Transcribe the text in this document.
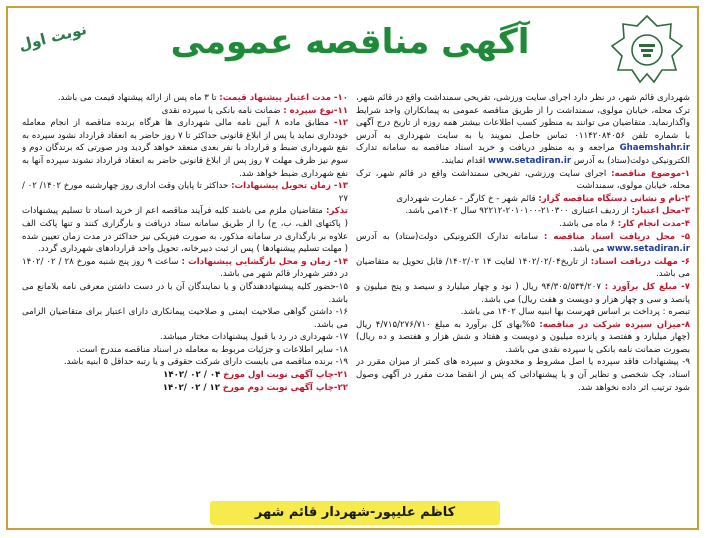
نوبت اول	آگهی مناقصه عمومی

شهرداری قائم شهر، در نظر دارد اجرای سایت ورزشی، تفریحی سمنداشت واقع در قائم شهر، ترک محله، خیابان مولوی، سمنداشت را از طریق مناقصه عمومی به پیمانکاران واجد شرایط واگذارنماید. متقاضیان می توانند به منظور کسب اطلاعات بیشتر همه روزه از تاریخ درج آگهی با شماره تلفن ۰۱۱۴۲۰۸۴۰۵۶ تماس حاصل نمویند یا به سایت شهرداری به آدرس Ghaemshahr.ir مراجعه و به منظور دریافت و خرید اسناد مناقصه به سامانه تدارک الکترونیکی دولت(ستاد) به آدرس www.setadiran.ir اقدام نمایند.

۱-موضوع مناقصه: اجرای سایت ورزشی، تفریحی سمنداشت واقع در قائم شهر، ترک محله، خیابان مولوی، سمنداشت

۲-نام و نشانی دستگاه مناقصه گزار: قائم شهر - خ کارگر - عمارت شهرداری

۳-محل اعتبار: از ردیف اعتباری ۲۱۰۳۰۰-۲۰۱۰۱۰۰-۹۲۲۱۲ سال ۱۴۰۲می باشد.

۴-مدت انجام کار: ۶ ماه می باشد.

۵- محل دریافت اسناد مناقصه : سامانه تدارک الکترونیکی دولت(ستاد) به آدرس www.setadiran.ir می باشد.

۶- مهلت دریافت اسناد: از تاریخ۱۴۰۲/۰۲/۰۴ لغایت ۱۴ ۱۴۰۲/۰۲/ قابل تحویل به متقاضیان می باشد.

۷- مبلغ کل برآورد : ۹۴/۳۰۵/۵۳۴/۲۰۷ ریال ( نود و چهار میلیارد و سیصد و پنج میلیون و پانصد و سی و چهار هزار و دویست و هفت ریال) می باشد.

تبصره : پرداخت بر اساس فهرست بها ابنیه سال ۱۴۰۲ می باشد.

۸-میزان سپرده شرکت در مناقصه: ۵%بهای کل برآورد به مبلغ ۴/۷۱۵/۲۷۶/۷۱۰ ریال (چهار میلیارد و هفتصد و پانزده میلیون و دویست و هفتاد و شش هزار و هفتصد و ده ریال) بصورت ضمانت نامه بانکی یا سپرده نقدی می باشد.

۹- پیشنهادات فاقد سپرده یا اصل مشروط و مخدوش و سپرده های کمتر از میزان مقرر در اسناد، چک شخصی و نظایر آن و یا پیشنهاداتی که پس از انقضا مدت مقرر در آگهی وصول شود ترتیب اثر داده نخواهد شد.

۱۰- مدت اعتبار پیشنهاد قیمت: تا ۳ ماه پس از ارائه پیشنهاد قیمت می باشد.

۱۱-نوع سپرده : ضمانت نامه بانکی یا سپرده نقدی

۱۲- مطابق ماده ۸ آیین نامه مالی شهرداری ها هرگاه برنده مناقصه از انجام معامله خودداری نماید یا پس از ابلاغ قانونی حداکثر تا ۷ روز حاضر به انعقاد قرارداد نشود سپرده به نفع شهرداری ضبط و قرارداد با نفر بعدی منعقد خواهد گردید ودر صورتی که برندگان دوم و سوم نیز ظرف مهلت ۷ روز پس از ابلاغ قانونی حاضر به انعقاد قرارداد نشوند سپرده آنها به نفع شهرداری ضبط خواهد شد.

۱۳- زمان تحویل پیشنهادات: حداکثر تا پایان وقت اداری روز چهارشنبه مورخ ۱۴۰۲/ ۰۲ /۲۷

تذکر: متقاضیان ملزم می باشند کلیه فرآیند مناقصه اعم از خرید اسناد تا تسلیم پیشنهادات ( پاکتهای الف، ب، ج) را از طریق سامانه ستاد دریافت و بارگزاری کنند و تنها پاکت الف علاوه بر بارگذاری در سامانه مذکور، به صورت فیزیکی نیز حداکثر در مدت زمان تعیین شده ( مهلت تسلیم پیشنهادها ) پس از ثبت دبیرخانه، تحویل واحد قراردادهای شهرداری گردد.

۱۴- زمان و محل بازگشایی پیشنهادات : ساعت ۹ روز پنج شنبه مورخ ۲۸ / ۰۲ /۱۴۰۲ در دفتر شهردار قائم شهر می باشد.

۱۵-حضور کلیه پیشنهاددهندگان و یا نمایندگان آن با در دست داشتن معرفی نامه بلامانع می باشد.

۱۶- داشتن گواهی صلاحیت ایمنی و صلاحیت پیمانکاری دارای اعتبار برای متقاضیان الزامی می باشد.

۱۷- شهرداری در رد یا قبول پیشنهادات مختار میباشد.

۱۸- سایر اطلاعات و جزئیات مربوط به معامله در اسناد مناقصه مندرج است.

۱۹- برنده مناقصه می بایست دارای شرکت حقوقی و یا رتبه حداقل ۵ ابنیه باشد.

۲۱-چاپ آگهی نوبت اول مورخ ۰۴ / ۰۲ /۱۴۰۲

۲۲-چاپ آگهی نوبت دوم مورخ ۱۲ / ۰۲ /۱۴۰۲

کاظم علیپور-شهردار قائم شهر
